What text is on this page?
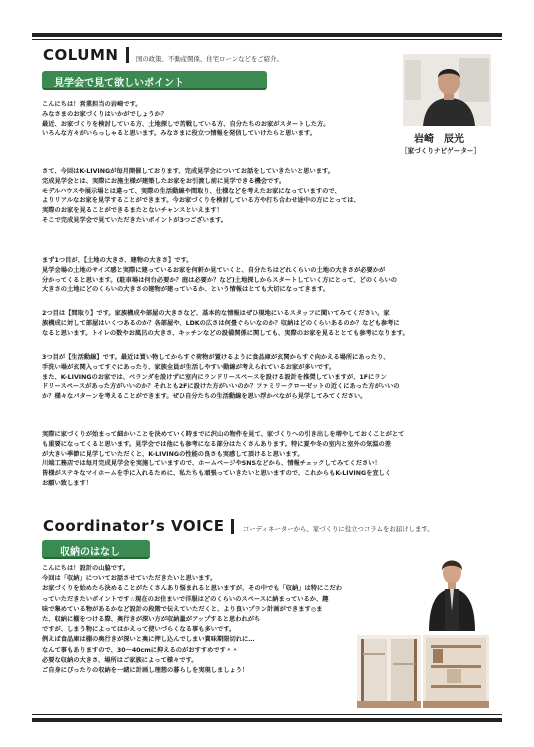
COLUMN	国の政策、不動産関係、住宅ローンなどをご紹介。
見学会で見て欲しいポイント
岩崎　辰光
［家づくりナビゲーター］

こんにちは！営業担当の岩崎です。

みなさまのお家づくりはいかがでしょうか？

最近、お家づくりを検討している方、土地探しで苦戦している方、自分たちのお家がスタートした方。

いろんな方々がいらっしゃると思います。みなさまに役立つ情報を発信していけたらと思います。

さて、今回はK-LIVINGが毎月開催しております、完成見学会についてお話をしていきたいと思います。

完成見学会とは、実際にお施主様が建築したお家をお引渡し前に見学できる機会です。

モデルハウスや展示場とは違って、実際の生活動線や間取り、仕様などを考えたお家になっていますので、

よりリアルなお家を見学することができます。今お家づくりを検討している方や打ち合わせ途中の方にとっては、

実際のお家を見ることができるまたとないチャンスといえます！

そこで完成見学会で見ていただきたいポイントが3つございます。

まず1つ目が、【土地の大きさ、建物の大きさ】です。

見学会場の土地のサイズ感と実際に建っているお家を何軒か見ていくと、自分たちはどれくらいの土地の大きさが必要かが

分かってくると思います。(駐車場は何台必要か？庭は必要か？など)土地探しからスタートしていく方にとって、どのくらいの

大きさの土地にどのくらいの大きさの建物が建っているか、という情報はとても大切になってきます。

2つ目は【間取り】です。家族構成や部屋の大きさなど、基本的な情報はぜひ現地にいるスタッフに聞いてみてください。家

族構成に対して部屋はいくつあるのか？各部屋や、LDKの広さは何畳ぐらいなのか？収納はどのくらいあるのか？なども参考に

なると思います。トイレの数やお風呂の大きさ、キッチンなどの設備関係に関しても、実際のお家を見るととても参考になります。

3つ目が【生活動線】です。最近は買い物してからすぐ荷物が置けるように食品庫が玄関からすぐ向かえる場所にあったり、

手洗い場が玄関入ってすぐにあったり、家族全員が生活しやすい動線が考えられているお家が多いです。

また、K-LIVINGのお家では、ベランダを設けずに室内にランドリースペースを設ける設計を推奨していますが、1Fにラン

ドリースペースがあった方がいいのか？それとも2Fに設けた方がいいのか？ファミリークローゼットの近くにあった方がいいの

か？様々なパターンを考えることができます。ぜひ自分たちの生活動線を思い浮かべながら見学してみてください。

実際に家づくりが始まって細かいことを決めていく時までに沢山の物件を見て、家づくりへの引き出しを増やしておくことがとて

も重要になってくると思います。見学会では他にも参考になる部分はたくさんあります。特に夏や冬の室内と室外の気温の差

が大きい季節に見学していただくと、K-LIVINGの性能の良さも実感して頂けると思います。

川端工務店では毎月完成見学会を実施していますので、ホームページやSNSなどから、情報チェックしてみてください！

皆様がステキなマイホームを手に入れるために、私たちも頑張っていきたいと思いますので、これからもK-LIVINGを宜しく

お願い致します！

Coordinator’s VOICE	コーディネーターから、家づくりに役立つコラムをお届けします。
収納のはなし

こんにちは！設計の山脇です。

今回は「収納」についてお話させていただきたいと思います。

お家づくりを始めたら決めることがたくさんあり悩まれると思いますが、その中でも「収納」は特にこだわ

っていただきたいポイントです☆現在のお住まいで洋服はどのくらいのスペースに納まっているか、趣

味で集めている物があるかなど設計の段階で伝えていただくと、より良いプラン計画ができます◎ま

た、収納に棚をつける際、奥行きが深い方が収納量がアップすると思われがち

ですが、しまう物によってはかえって使いづらくなる事も多いです。

例えば食品庫は棚の奥行きが深いと奥に押し込んでしまい賞味期限切れに…

なんて事もありますので、30〜40cmに抑えるのがおすすめです＾＾

必要な収納の大きさ、場所はご家族によって様々です。

ご自身にぴったりの収納を一緒に計画し理想の暮らしを実現しましょう！
